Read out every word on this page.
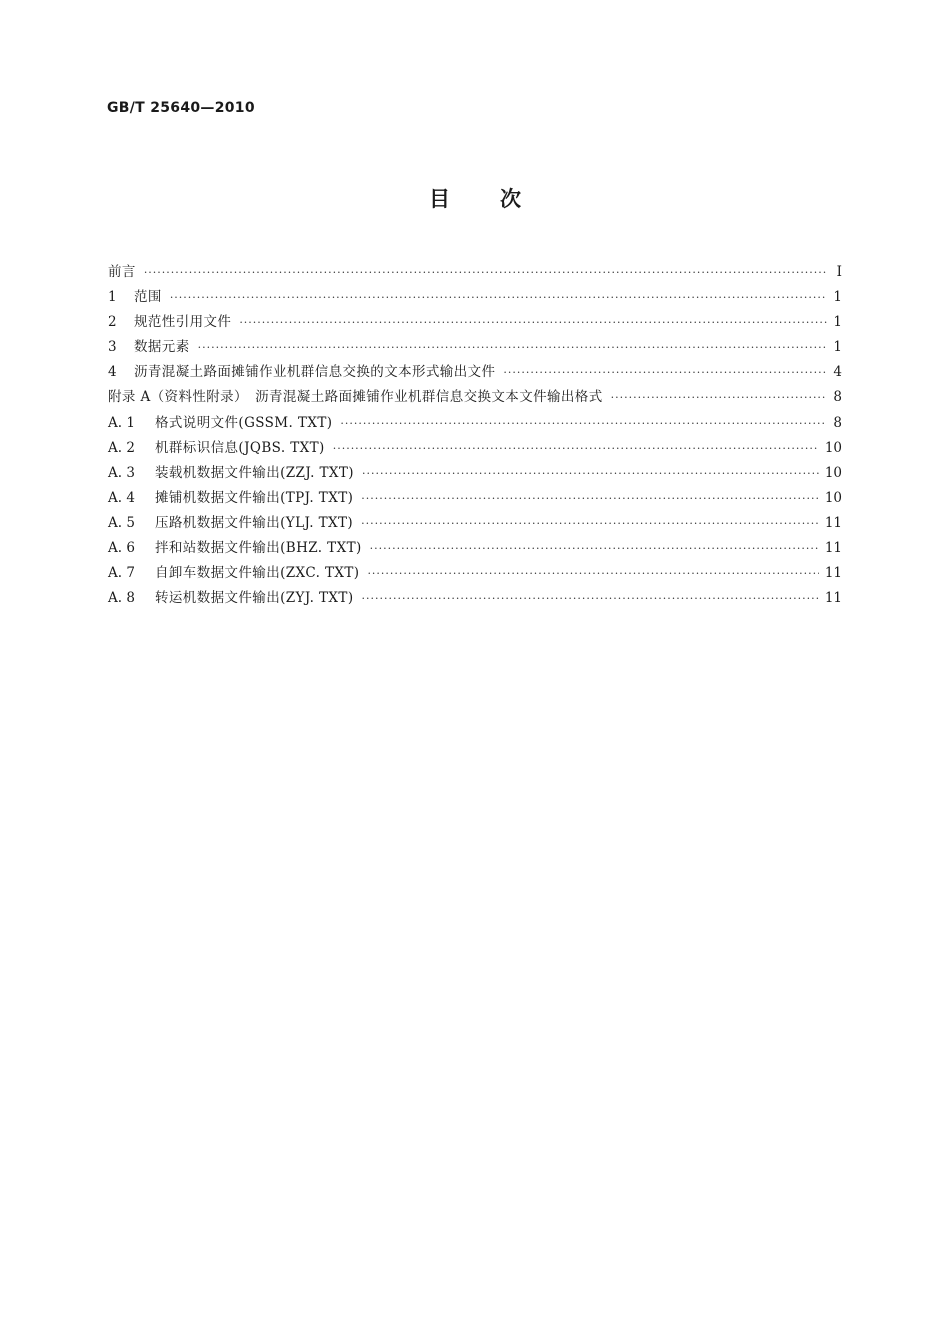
GB/T 25640—2010
目 次
前言 ·····	Ⅰ
1	范围 ·····	1
2	规范性引用文件 ·····	1
3	数据元素 ·····	1
4	沥青混凝土路面摊铺作业机群信息交换的文本形式输出文件 ·····	4
附录 A（资料性附录）　沥青混凝土路面摊铺作业机群信息交换文本文件输出格式 ·····	8
A. 1	格式说明文件(GSSM. TXT) ·····	8
A. 2	机群标识信息(JQBS. TXT) ·····	10
A. 3	装载机数据文件输出(ZZJ. TXT) ·····	10
A. 4	摊铺机数据文件输出(TPJ. TXT) ·····	10
A. 5	压路机数据文件输出(YLJ. TXT) ·····	11
A. 6	拌和站数据文件输出(BHZ. TXT) ·····	11
A. 7	自卸车数据文件输出(ZXC. TXT) ·····	11
A. 8	转运机数据文件输出(ZYJ. TXT) ·····	11
